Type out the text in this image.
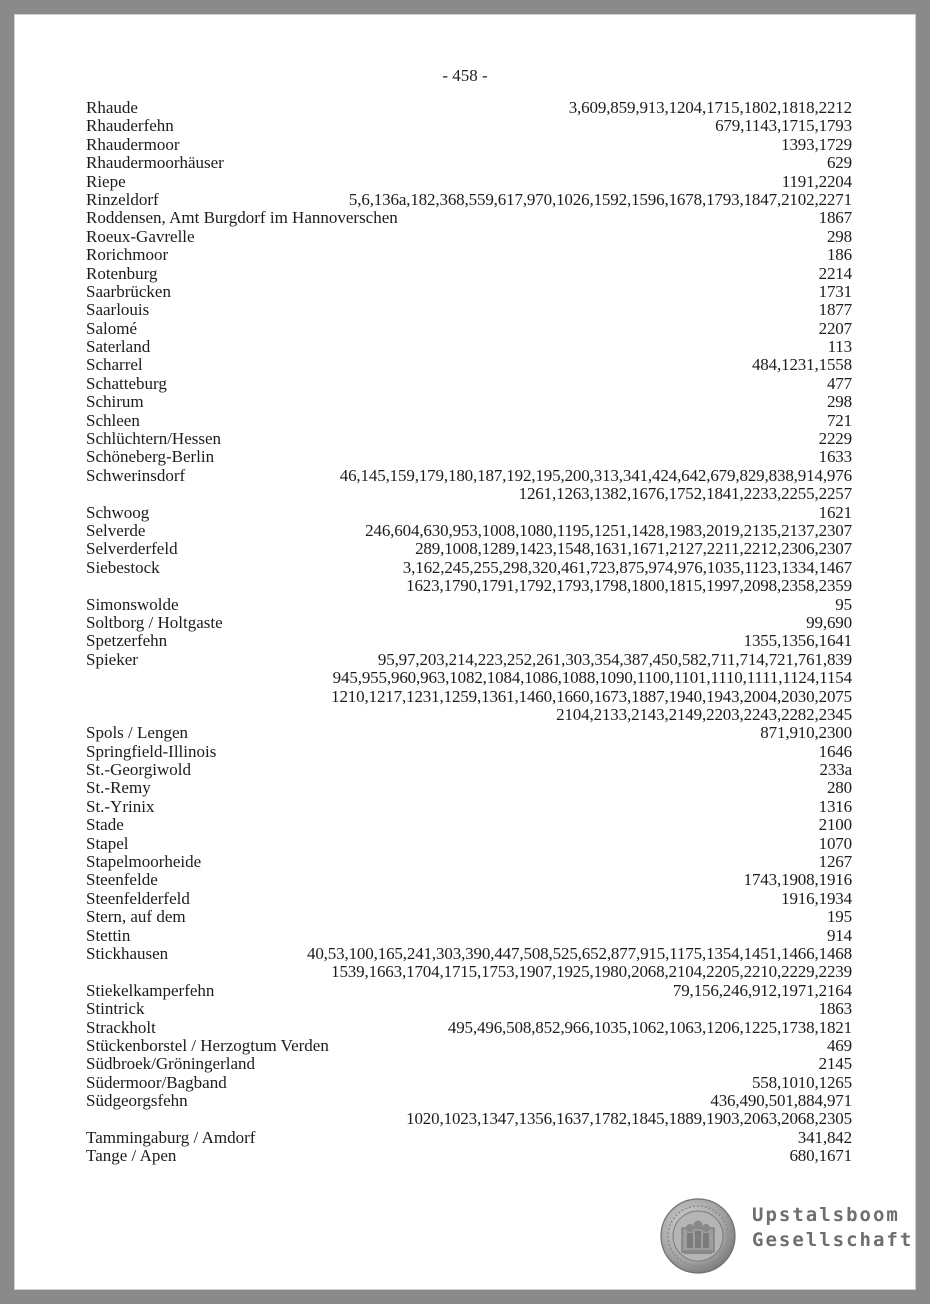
- 458 -
Rhaude	3,609,859,913,1204,1715,1802,1818,2212
Rhauderfehn	679,1143,1715,1793
Rhaudermoor	1393,1729
Rhaudermoorhäuser	629
Riepe	1191,2204
Rinzeldorf	5,6,136a,182,368,559,617,970,1026,1592,1596,1678,1793,1847,2102,2271
Roddensen, Amt Burgdorf im Hannoverschen	1867
Roeux-Gavrelle	298
Rorichmoor	186
Rotenburg	2214
Saarbrücken	1731
Saarlouis	1877
Salomé	2207
Saterland	113
Scharrel	484,1231,1558
Schatteburg	477
Schirum	298
Schleen	721
Schlüchtern/Hessen	2229
Schöneberg-Berlin	1633
Schwerinsdorf	46,145,159,179,180,187,192,195,200,313,341,424,642,679,829,838,914,976
1261,1263,1382,1676,1752,1841,2233,2255,2257
Schwoog	1621
Selverde	246,604,630,953,1008,1080,1195,1251,1428,1983,2019,2135,2137,2307
Selverderfeld	289,1008,1289,1423,1548,1631,1671,2127,2211,2212,2306,2307
Siebestock	3,162,245,255,298,320,461,723,875,974,976,1035,1123,1334,1467
1623,1790,1791,1792,1793,1798,1800,1815,1997,2098,2358,2359
Simonswolde	95
Soltborg / Holtgaste	99,690
Spetzerfehn	1355,1356,1641
Spieker	95,97,203,214,223,252,261,303,354,387,450,582,711,714,721,761,839
945,955,960,963,1082,1084,1086,1088,1090,1100,1101,1110,1111,1124,1154
1210,1217,1231,1259,1361,1460,1660,1673,1887,1940,1943,2004,2030,2075
2104,2133,2143,2149,2203,2243,2282,2345
Spols / Lengen	871,910,2300
Springfield-Illinois	1646
St.-Georgiwold	233a
St.-Remy	280
St.-Yrinix	1316
Stade	2100
Stapel	1070
Stapelmoorheide	1267
Steenfelde	1743,1908,1916
Steenfelderfeld	1916,1934
Stern, auf dem	195
Stettin	914
Stickhausen	40,53,100,165,241,303,390,447,508,525,652,877,915,1175,1354,1451,1466,1468
1539,1663,1704,1715,1753,1907,1925,1980,2068,2104,2205,2210,2229,2239
Stiekelkamperfehn	79,156,246,912,1971,2164
Stintrick	1863
Strackholt	495,496,508,852,966,1035,1062,1063,1206,1225,1738,1821
Stückenborstel / Herzogtum Verden	469
Südbroek/Gröningerland	2145
Südermoor/Bagband	558,1010,1265
Südgeorgsfehn	436,490,501,884,971
1020,1023,1347,1356,1637,1782,1845,1889,1903,2063,2068,2305
Tammingaburg / Amdorf	341,842
Tange / Apen	680,1671
Upstalsboom
Gesellschaft
